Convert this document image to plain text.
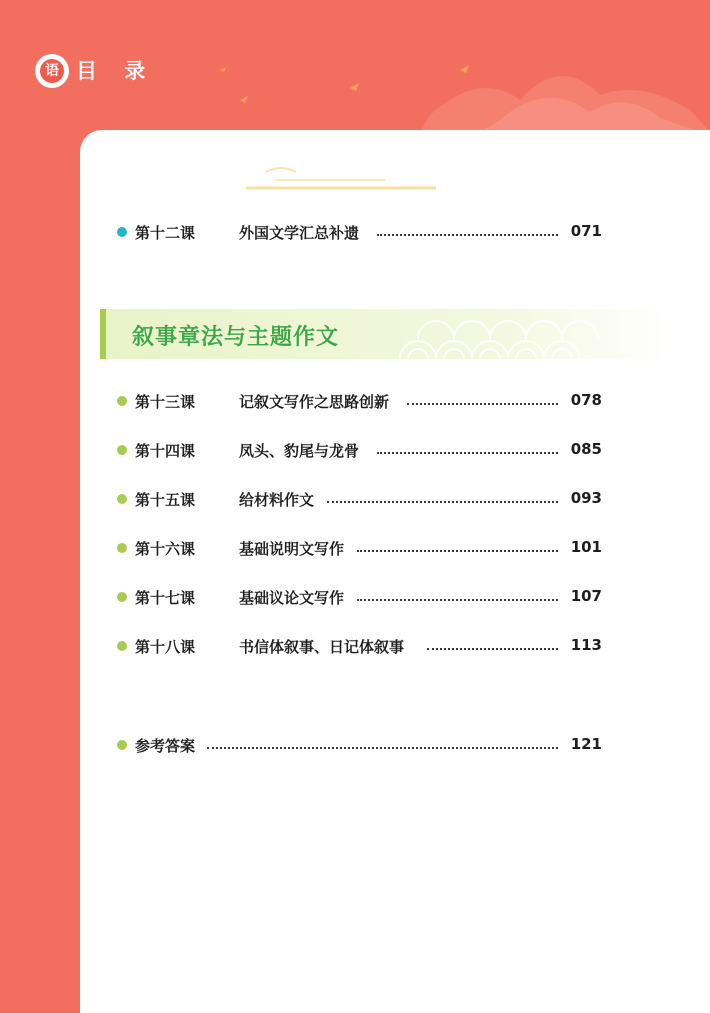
语 目 录
第十二课	外国文学汇总补遗	071
叙事章法与主题作文
第十三课	记叙文写作之思路创新	078
第十四课	凤头、豹尾与龙骨	085
第十五课	给材料作文	093
第十六课	基础说明文写作	101
第十七课	基础议论文写作	107
第十八课	书信体叙事、日记体叙事	113
参考答案	121
